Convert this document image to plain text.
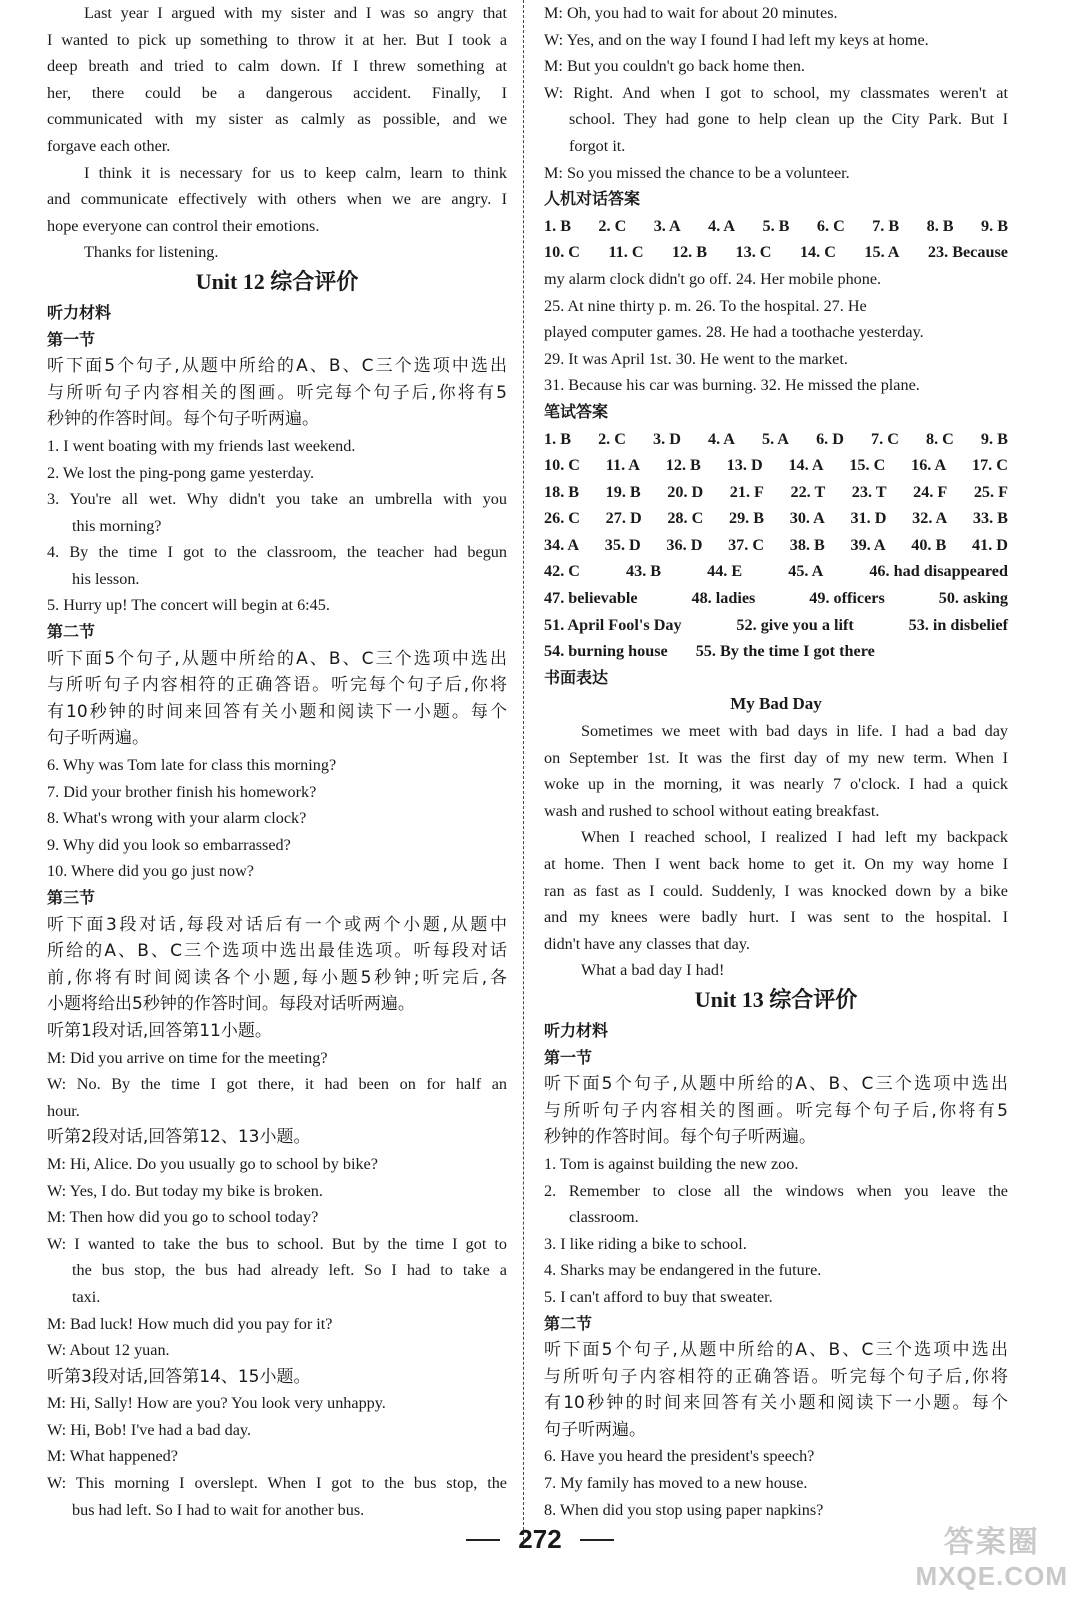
Last year I argued with my sister and I was so angry that
I wanted to pick up something to throw it at her. But I took a
deep breath and tried to calm down. If I threw something at
her, there could be a dangerous accident. Finally, I
communicated with my sister as calmly as possible, and we
forgave each other.
I think it is necessary for us to keep calm, learn to think
and communicate effectively with others when we are angry. I
hope everyone can control their emotions.
Thanks for listening.
Unit 12 综合评价
听力材料
第一节
听下面5个句子,从题中所给的A、B、C三个选项中选出
与所听句子内容相关的图画。听完每个句子后,你将有5
秒钟的作答时间。每个句子听两遍。
1. I went boating with my friends last weekend.
2. We lost the ping-pong game yesterday.
3. You're all wet. Why didn't you take an umbrella with you
this morning?
4. By the time I got to the classroom, the teacher had begun
his lesson.
5. Hurry up! The concert will begin at 6:45.
第二节
听下面5个句子,从题中所给的A、B、C三个选项中选出
与所听句子内容相符的正确答语。听完每个句子后,你将
有10秒钟的时间来回答有关小题和阅读下一小题。每个
句子听两遍。
6. Why was Tom late for class this morning?
7. Did your brother finish his homework?
8. What's wrong with your alarm clock?
9. Why did you look so embarrassed?
10. Where did you go just now?
第三节
听下面3段对话,每段对话后有一个或两个小题,从题中
所给的A、B、C三个选项中选出最佳选项。听每段对话
前,你将有时间阅读各个小题,每小题5秒钟;听完后,各
小题将给出5秒钟的作答时间。每段对话听两遍。
听第1段对话,回答第11小题。
M: Did you arrive on time for the meeting?
W: No. By the time I got there, it had been on for half an
hour.
听第2段对话,回答第12、13小题。
M: Hi, Alice. Do you usually go to school by bike?
W: Yes, I do. But today my bike is broken.
M: Then how did you go to school today?
W: I wanted to take the bus to school. But by the time I got to
the bus stop, the bus had already left. So I had to take a
taxi.
M: Bad luck! How much did you pay for it?
W: About 12 yuan.
听第3段对话,回答第14、15小题。
M: Hi, Sally! How are you? You look very unhappy.
W: Hi, Bob! I've had a bad day.
M: What happened?
W: This morning I overslept. When I got to the bus stop, the
bus had left. So I had to wait for another bus.
M: Oh, you had to wait for about 20 minutes.
W: Yes, and on the way I found I had left my keys at home.
M: But you couldn't go back home then.
W: Right. And when I got to school, my classmates weren't at
school. They had gone to help clean up the City Park. But I
forgot it.
M: So you missed the chance to be a volunteer.
人机对话答案
1. B 2. C 3. A 4. A 5. B 6. C 7. B 8. B 9. B
10. C 11. C 12. B 13. C 14. C 15. A 23. Because
my alarm clock didn't go off. 24. Her mobile phone.
25. At nine thirty p. m. 26. To the hospital. 27. He
played computer games. 28. He had a toothache yesterday.
29. It was April 1st. 30. He went to the market.
31. Because his car was burning. 32. He missed the plane.
笔试答案
1. B 2. C 3. D 4. A 5. A 6. D 7. C 8. C 9. B
10. C 11. A 12. B 13. D 14. A 15. C 16. A 17. C
18. B 19. B 20. D 21. F 22. T 23. T 24. F 25. F
26. C 27. D 28. C 29. B 30. A 31. D 32. A 33. B
34. A 35. D 36. D 37. C 38. B 39. A 40. B 41. D
42. C	43. B	44. E	45. A	46. had disappeared
47. believable	48. ladies	49. officers	50. asking
51. April Fool's Day	52. give you a lift	53. in disbelief
54. burning house 55. By the time I got there
书面表达
My Bad Day
Sometimes we meet with bad days in life. I had a bad day
on September 1st. It was the first day of my new term. When I
woke up in the morning, it was nearly 7 o'clock. I had a quick
wash and rushed to school without eating breakfast.
When I reached school, I realized I had left my backpack
at home. Then I went back home to get it. On my way home I
ran as fast as I could. Suddenly, I was knocked down by a bike
and my knees were badly hurt. I was sent to the hospital. I
didn't have any classes that day.
What a bad day I had!
Unit 13 综合评价
听力材料
第一节
听下面5个句子,从题中所给的A、B、C三个选项中选出
与所听句子内容相关的图画。听完每个句子后,你将有5
秒钟的作答时间。每个句子听两遍。
1. Tom is against building the new zoo.
2. Remember to close all the windows when you leave the
classroom.
3. I like riding a bike to school.
4. Sharks may be endangered in the future.
5. I can't afford to buy that sweater.
第二节
听下面5个句子,从题中所给的A、B、C三个选项中选出
与所听句子内容相符的正确答语。听完每个句子后,你将
有10秒钟的时间来回答有关小题和阅读下一小题。每个
句子听两遍。
6. Have you heard the president's speech?
7. My family has moved to a new house.
8. When did you stop using paper napkins?
272	答案圈
MXQE.COM
